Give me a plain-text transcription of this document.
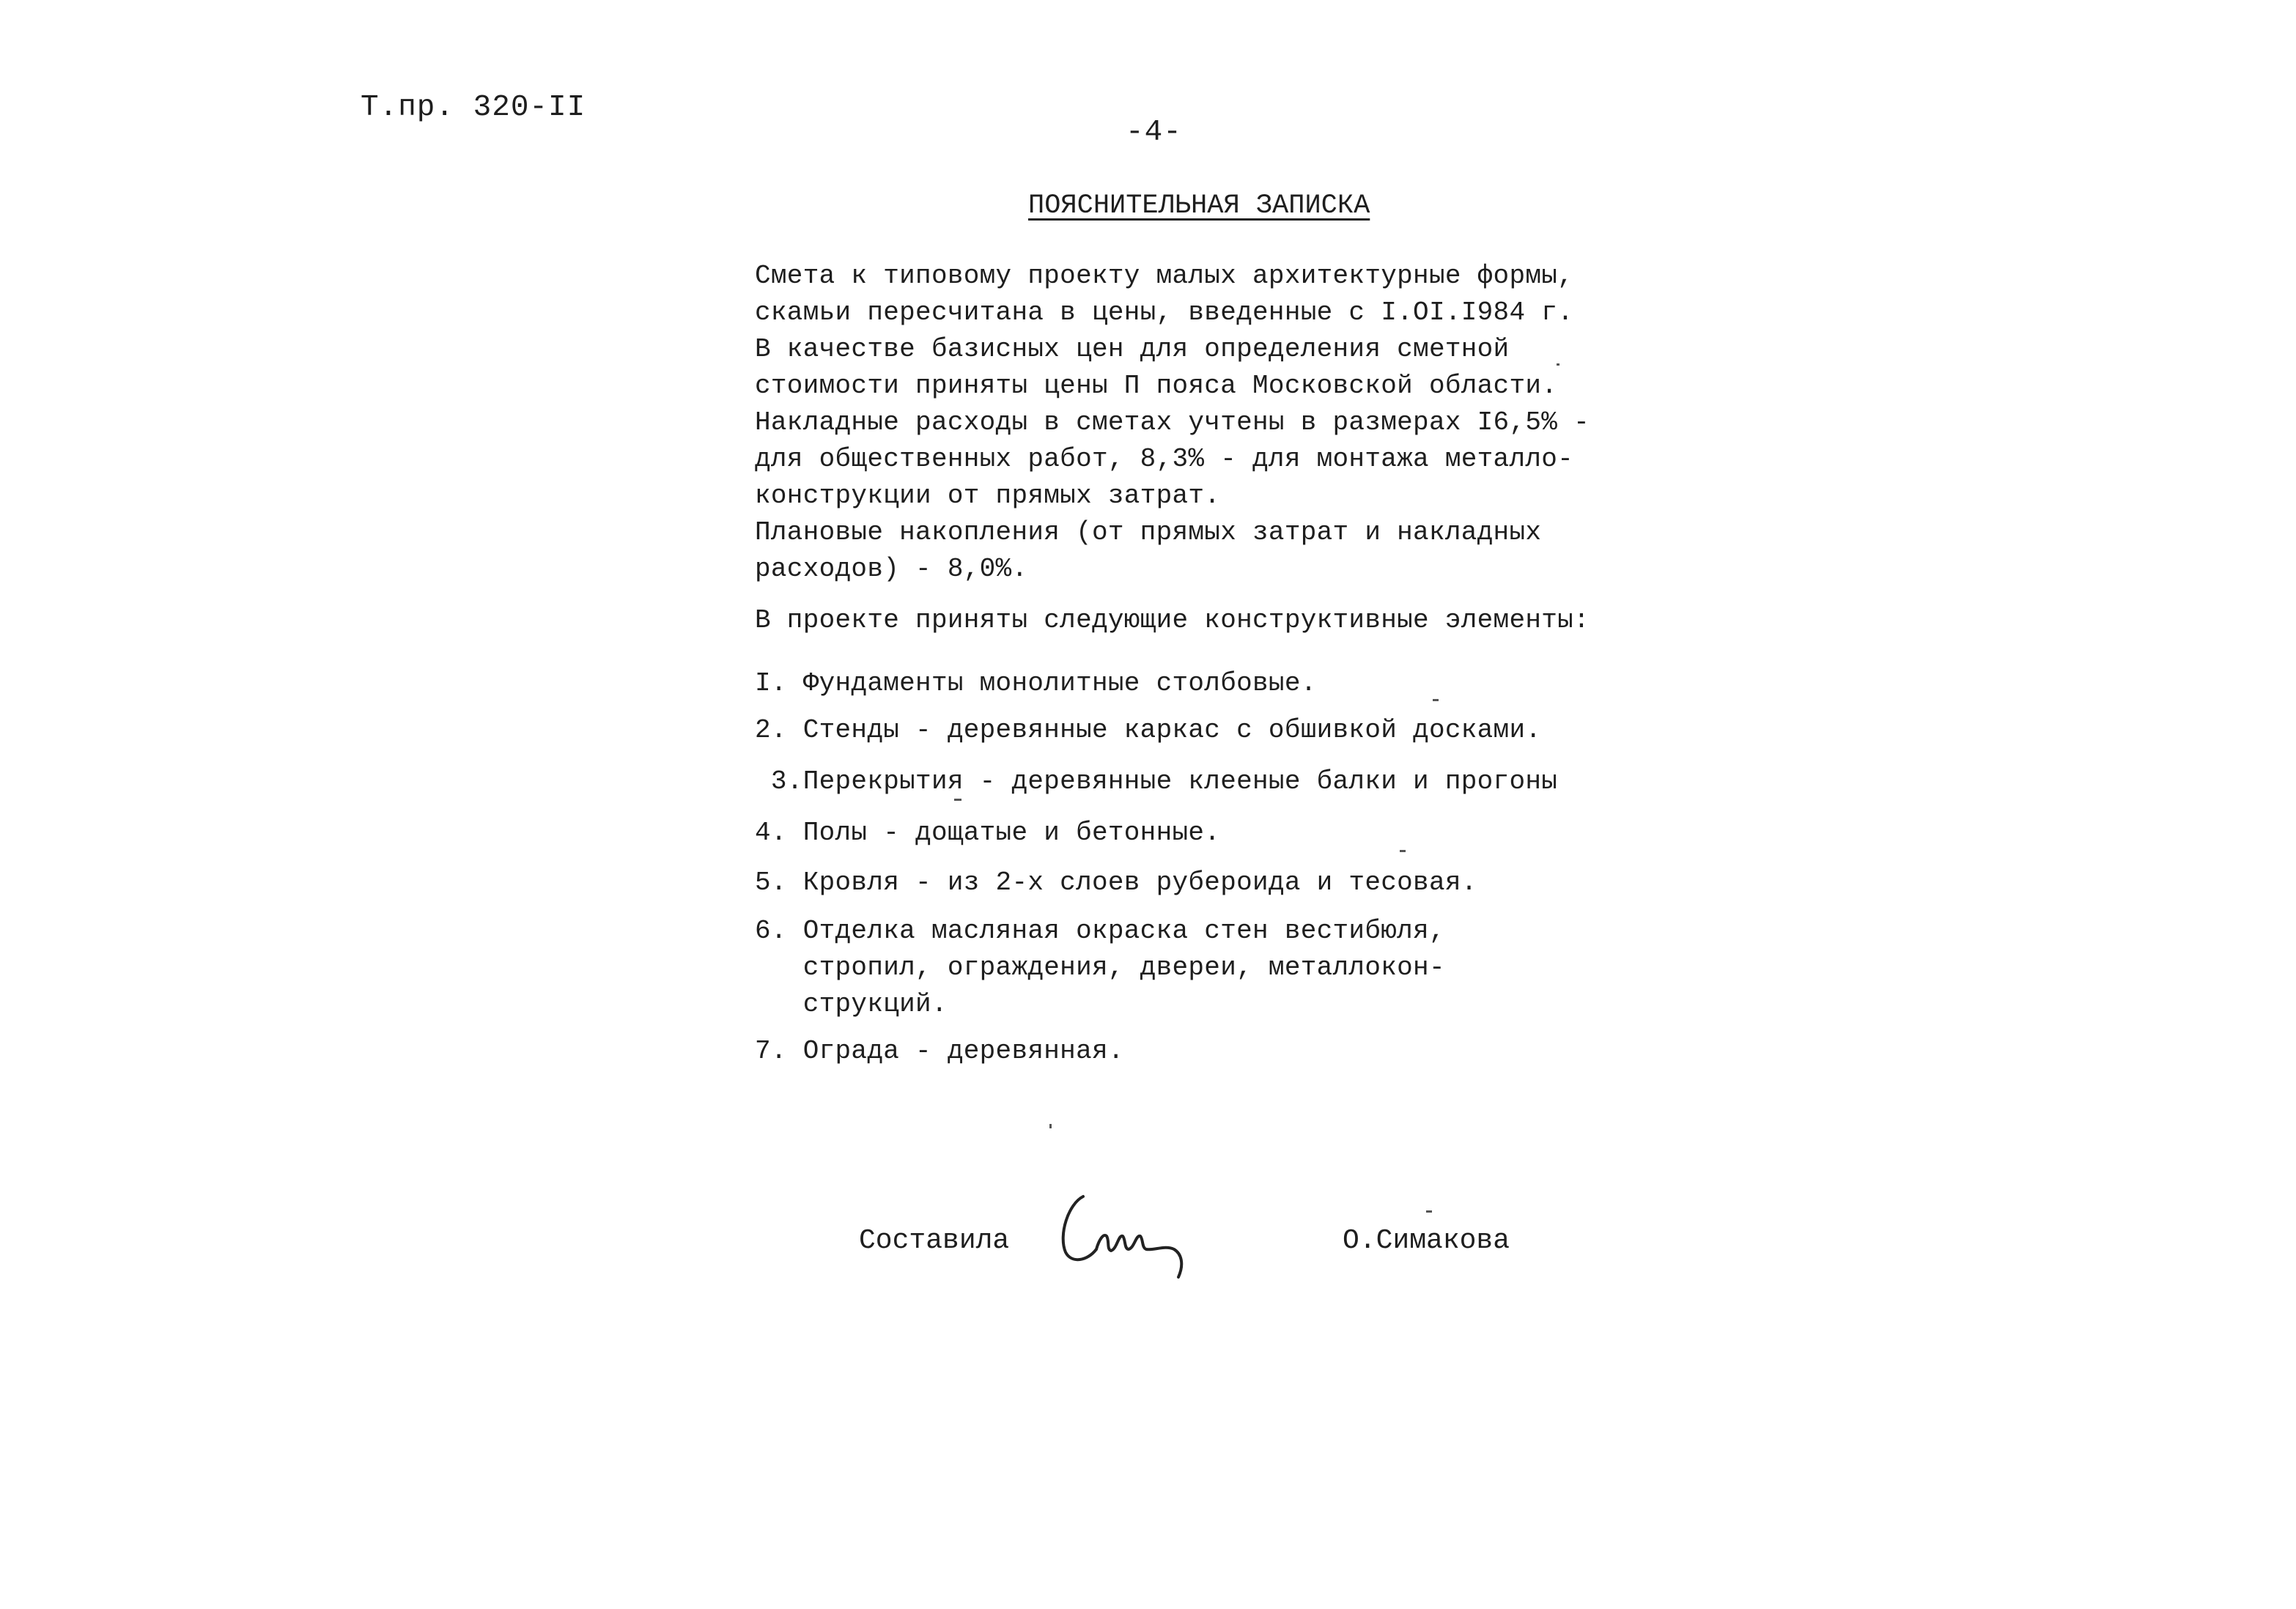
Т.пр. 320-II
-4-
ПОЯСНИТЕЛЬНАЯ ЗАПИСКА
Смета к типовому проекту малых архитектурные формы,
скамьи пересчитана в цены, введенные с I.OI.I984 г.
В качестве базисных цен для определения сметной
стоимости приняты цены П пояса Московской области.
Накладные расходы в сметах учтены в размерах I6,5% -
для общественных работ, 8,3% - для монтажа металло-
конструкции от прямых затрат.
Плановые накопления (от прямых затрат и накладных
расходов) - 8,0%.
В проекте приняты следующие конструктивные элементы:
I. Фундаменты монолитные столбовые.
2. Стенды - деревянные каркас с обшивкой досками.
3.Перекрытия - деревянные клееные балки и прогоны
4. Полы - дощатые и бетонные.
5. Кровля - из 2-х слоев рубероида и тесовая.
6. Отделка масляная окраска стен вестибюля,
стропил, ограждения, двереи, металлокон-
струкций.
7. Ограда - деревянная.
Составила	О.Симакова
